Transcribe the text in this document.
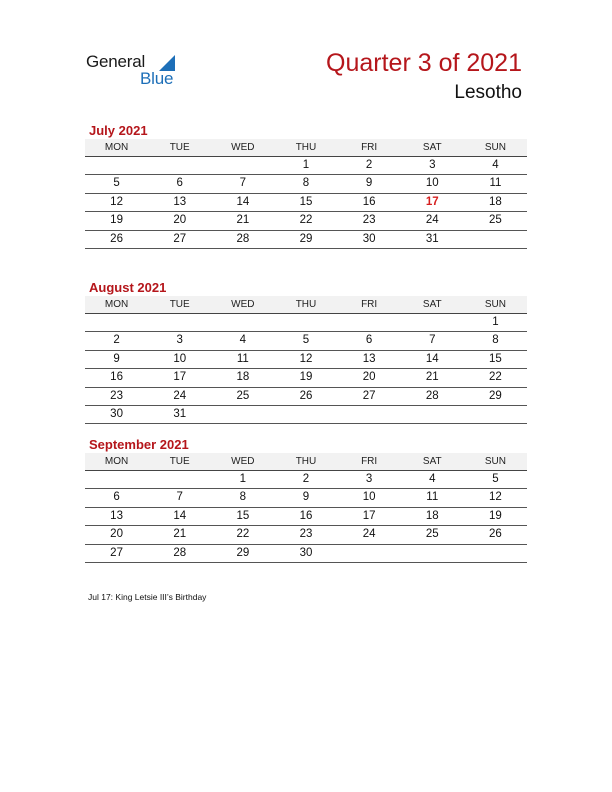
General
Blue
Quarter 3 of 2021
Lesotho
July 2021
MON	TUE	WED	THU	FRI	SAT	SUN
			1	2	3	4
5	6	7	8	9	10	11
12	13	14	15	16	17	18
19	20	21	22	23	24	25
26	27	28	29	30	31	
August 2021
MON	TUE	WED	THU	FRI	SAT	SUN
						1
2	3	4	5	6	7	8
9	10	11	12	13	14	15
16	17	18	19	20	21	22
23	24	25	26	27	28	29
30	31					
September 2021
MON	TUE	WED	THU	FRI	SAT	SUN
		1	2	3	4	5
6	7	8	9	10	11	12
13	14	15	16	17	18	19
20	21	22	23	24	25	26
27	28	29	30			
Jul 17: King Letsie III’s Birthday
